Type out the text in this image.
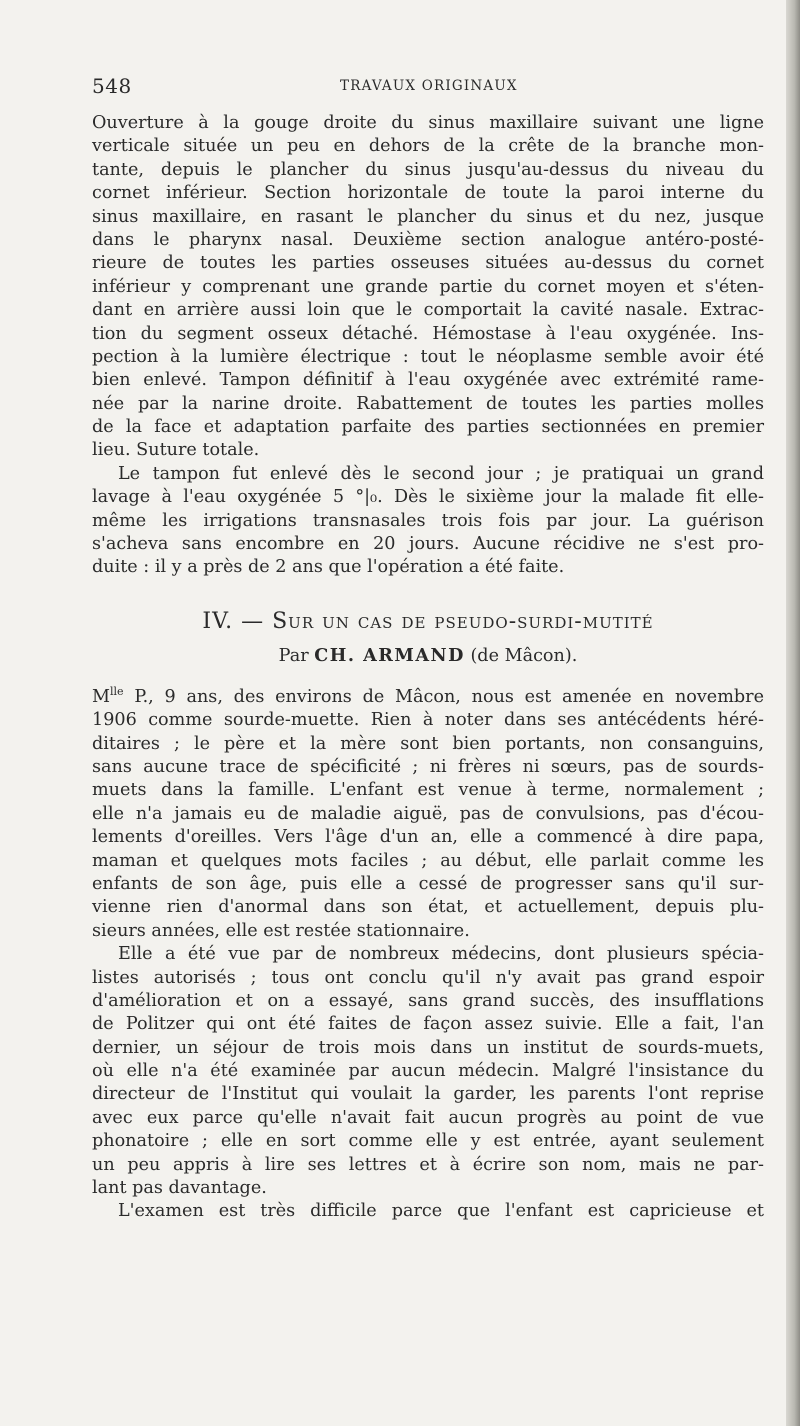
548	TRAVAUX ORIGINAUX
Ouverture à la gouge droite du sinus maxillaire suivant une ligne
verticale située un peu en dehors de la crête de la branche mon-
tante, depuis le plancher du sinus jusqu'au-dessus du niveau du
cornet inférieur. Section horizontale de toute la paroi interne du
sinus maxillaire, en rasant le plancher du sinus et du nez, jusque
dans le pharynx nasal. Deuxième section analogue antéro-posté-
rieure de toutes les parties osseuses situées au-dessus du cornet
inférieur y comprenant une grande partie du cornet moyen et s'éten-
dant en arrière aussi loin que le comportait la cavité nasale. Extrac-
tion du segment osseux détaché. Hémostase à l'eau oxygénée. Ins-
pection à la lumière électrique : tout le néoplasme semble avoir été
bien enlevé. Tampon définitif à l'eau oxygénée avec extrémité rame-
née par la narine droite. Rabattement de toutes les parties molles
de la face et adaptation parfaite des parties sectionnées en premier
lieu. Suture totale.
Le tampon fut enlevé dès le second jour ; je pratiquai un grand
lavage à l'eau oxygénée 5 °|₀. Dès le sixième jour la malade fit elle-
même les irrigations transnasales trois fois par jour. La guérison
s'acheva sans encombre en 20 jours. Aucune récidive ne s'est pro-
duite : il y a près de 2 ans que l'opération a été faite.
IV. — Sur un cas de pseudo-surdi-mutité
Par CH. ARMAND (de Mâcon).
$M^{lle}$ P., 9 ans, des environs de Mâcon, nous est amenée en novembre
1906 comme sourde-muette. Rien à noter dans ses antécédents héré-
ditaires ; le père et la mère sont bien portants, non consanguins,
sans aucune trace de spécificité ; ni frères ni sœurs, pas de sourds-
muets dans la famille. L'enfant est venue à terme, normalement ;
elle n'a jamais eu de maladie aiguë, pas de convulsions, pas d'écou-
lements d'oreilles. Vers l'âge d'un an, elle a commencé à dire papa,
maman et quelques mots faciles ; au début, elle parlait comme les
enfants de son âge, puis elle a cessé de progresser sans qu'il sur-
vienne rien d'anormal dans son état, et actuellement, depuis plu-
sieurs années, elle est restée stationnaire.
Elle a été vue par de nombreux médecins, dont plusieurs spécia-
listes autorisés ; tous ont conclu qu'il n'y avait pas grand espoir
d'amélioration et on a essayé, sans grand succès, des insufflations
de Politzer qui ont été faites de façon assez suivie. Elle a fait, l'an
dernier, un séjour de trois mois dans un institut de sourds-muets,
où elle n'a été examinée par aucun médecin. Malgré l'insistance du
directeur de l'Institut qui voulait la garder, les parents l'ont reprise
avec eux parce qu'elle n'avait fait aucun progrès au point de vue
phonatoire ; elle en sort comme elle y est entrée, ayant seulement
un peu appris à lire ses lettres et à écrire son nom, mais ne par-
lant pas davantage.
L'examen est très difficile parce que l'enfant est capricieuse et
